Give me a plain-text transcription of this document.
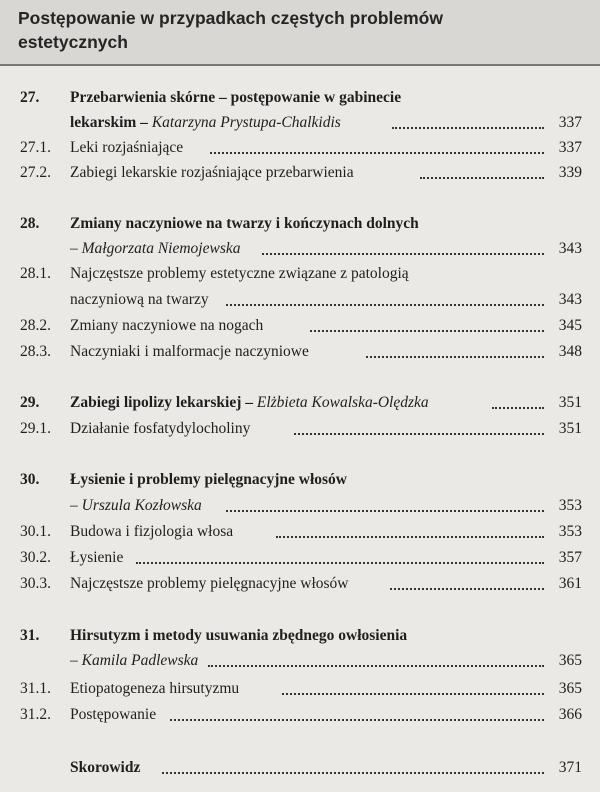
Postępowanie w przypadkach częstych problemów
estetycznych
27. Przebarwienia skórne – postępowanie w gabinecie
lekarskim – Katarzyna Prystupa-Chalkidis	337
27.1. Leki rozjaśniające	337
27.2. Zabiegi lekarskie rozjaśniające przebarwienia	339
28. Zmiany naczyniowe na twarzy i kończynach dolnych
– Małgorzata Niemojewska	343
28.1. Najczęstsze problemy estetyczne związane z patologią
naczyniową na twarzy	343
28.2. Zmiany naczyniowe na nogach	345
28.3. Naczyniaki i malformacje naczyniowe	348
29. Zabiegi lipolizy lekarskiej – Elżbieta Kowalska-Olędzka	351
29.1. Działanie fosfatydylocholiny	351
30. Łysienie i problemy pielęgnacyjne włosów
– Urszula Kozłowska	353
30.1. Budowa i fizjologia włosa	353
30.2. Łysienie	357
30.3. Najczęstsze problemy pielęgnacyjne włosów	361
31. Hirsutyzm i metody usuwania zbędnego owłosienia
– Kamila Padlewska	365
31.1. Etiopatogeneza hirsutyzmu	365
31.2. Postępowanie	366
Skorowidz	371
